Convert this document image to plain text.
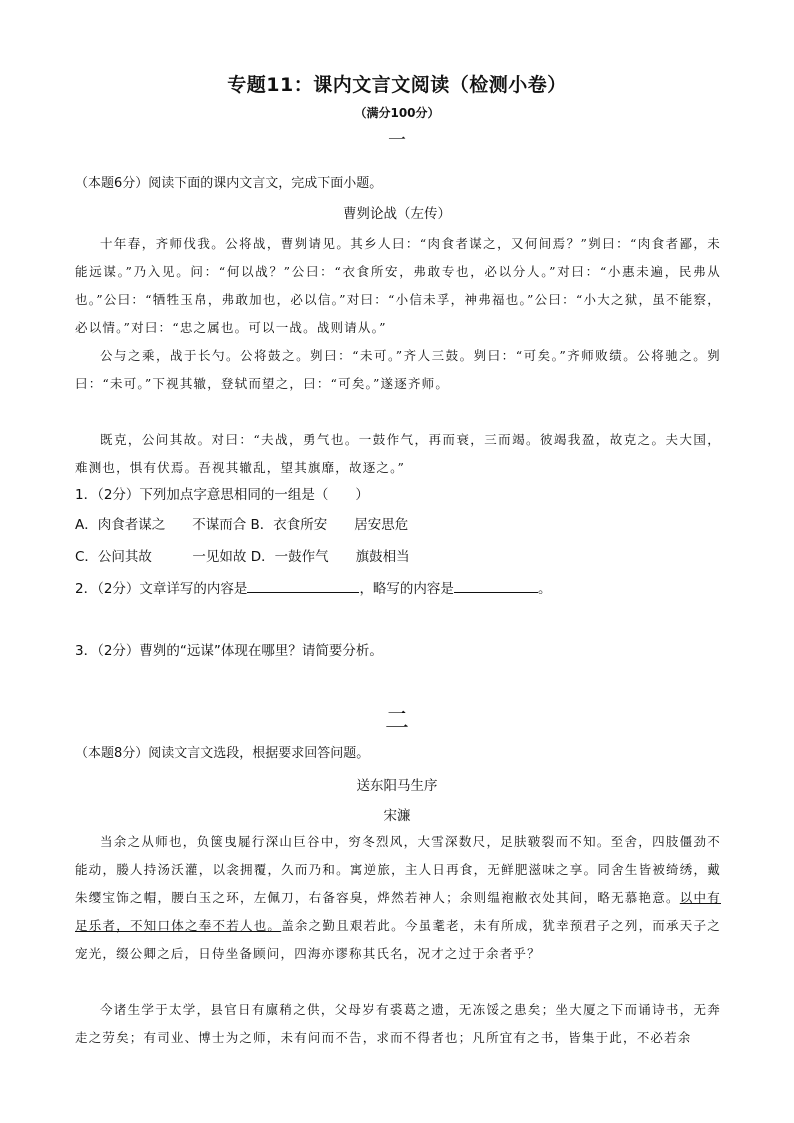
专题11：课内文言文阅读（检测小卷）
（满分100分）
一
（本题6分）阅读下面的课内文言文，完成下面小题。
曹刿论战（左传）

十年春，齐师伐我。公将战，曹刿请见。其乡人曰：“肉食者谋之，又何间焉？”刿曰：“肉食者鄙，未能远谋。”乃入见。问：“何以战？”公曰：“衣食所安，弗敢专也，必以分人。”对曰：“小惠未遍，民弗从也。”公曰：“牺牲玉帛，弗敢加也，必以信。”对曰：“小信未孚，神弗福也。”公曰：“小大之狱，虽不能察，必以情。”对曰：“忠之属也。可以一战。战则请从。”

公与之乘，战于长勺。公将鼓之。刿曰：“未可。”齐人三鼓。刿曰：“可矣。”齐师败绩。公将驰之。刿曰：“未可。”下视其辙，登轼而望之，曰：“可矣。”遂逐齐师。

既克，公问其故。对曰：“夫战，勇气也。一鼓作气，再而衰，三而竭。彼竭我盈，故克之。夫大国，难测也，惧有伏焉。吾视其辙乱，望其旗靡，故逐之。”

1．（2分）下列加点字意思相同的一组是（　　）
A．肉食者谋之　　不谋而合 B．衣食所安　　居安思危
C．公问其故　　　一见如故 D．一鼓作气　　旗鼓相当
2．（2分）文章详写的内容是	，略写的内容是	。
3．（2分）曹刿的“远谋”体现在哪里？请简要分析。
二
（本题8分）阅读文言文选段，根据要求回答问题。
送东阳马生序
宋濂

当余之从师也，负箧曳屣行深山巨谷中，穷冬烈风，大雪深数尺，足肤皲裂而不知。至舍，四肢僵劲不能动，媵人持汤沃灌，以衾拥覆，久而乃和。寓逆旅，主人日再食，无鲜肥滋味之享。同舍生皆被绮绣，戴朱缨宝饰之帽，腰白玉之环，左佩刀，右备容臭，烨然若神人；余则缊袍敝衣处其间，略无慕艳意。以中有足乐者，不知口体之奉不若人也。盖余之勤且艰若此。今虽耄老，未有所成，犹幸预君子之列，而承天子之宠光，缀公卿之后，日侍坐备顾问，四海亦谬称其氏名，况才之过于余者乎？

今诸生学于太学，县官日有廪稍之供，父母岁有裘葛之遗，无冻馁之患矣；坐大厦之下而诵诗书，无奔走之劳矣；有司业、博士为之师，未有问而不告，求而不得者也；凡所宜有之书，皆集于此，不必若余
